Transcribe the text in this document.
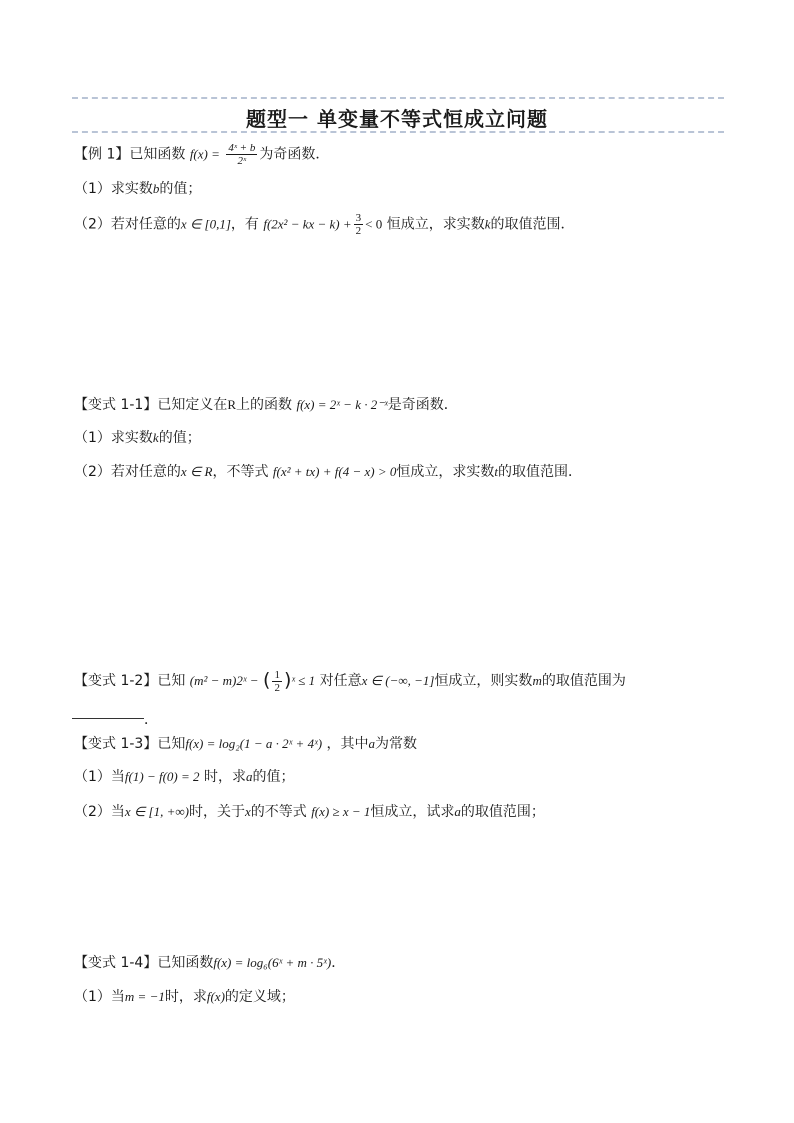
题型一 单变量不等式恒成立问题
【例 1】已知函数 $f(x) = \frac{\text{4ˣ + b}}{\text{2ˣ}}$ 为奇函数．
（1）求实数b的值；
（2）若对任意的x ∈ [0,1]，有 f(2x² − kx − $k) + \frac{3}{2} < 0$ 恒成立，求实数k的取值范围．
【变式 1-1】已知定义在R上的函数 f(x) = 2ˣ − k · 2⁻ˣ是奇函数．
（1）求实数k的值；
（2）若对任意的x ∈ R，不等式 f(x² + tx) + f(4 − x) > 0恒成立，求实数t的取值范围．
【变式 1-2】已知 (m² − m)2ˣ − ( $\frac{1}{2}$ )ˣ ≤ 1 对任意x ∈ (−∞, −1]恒成立，则实数m的取值范围为
．
【变式 1-3】已知f(x) = log₂(1 − a · 2ˣ + 4ˣ) ，其中a为常数
（1）当f(1) − f(0) = 2 时，求a的值；
（2）当x ∈ [1, +∞)时，关于x的不等式 f(x) ≥ x − 1恒成立，试求a的取值范围；
【变式 1-4】已知函数f(x) = log₆(6ˣ + m · 5ˣ)．
（1）当m = −1时，求f(x)的定义域；
